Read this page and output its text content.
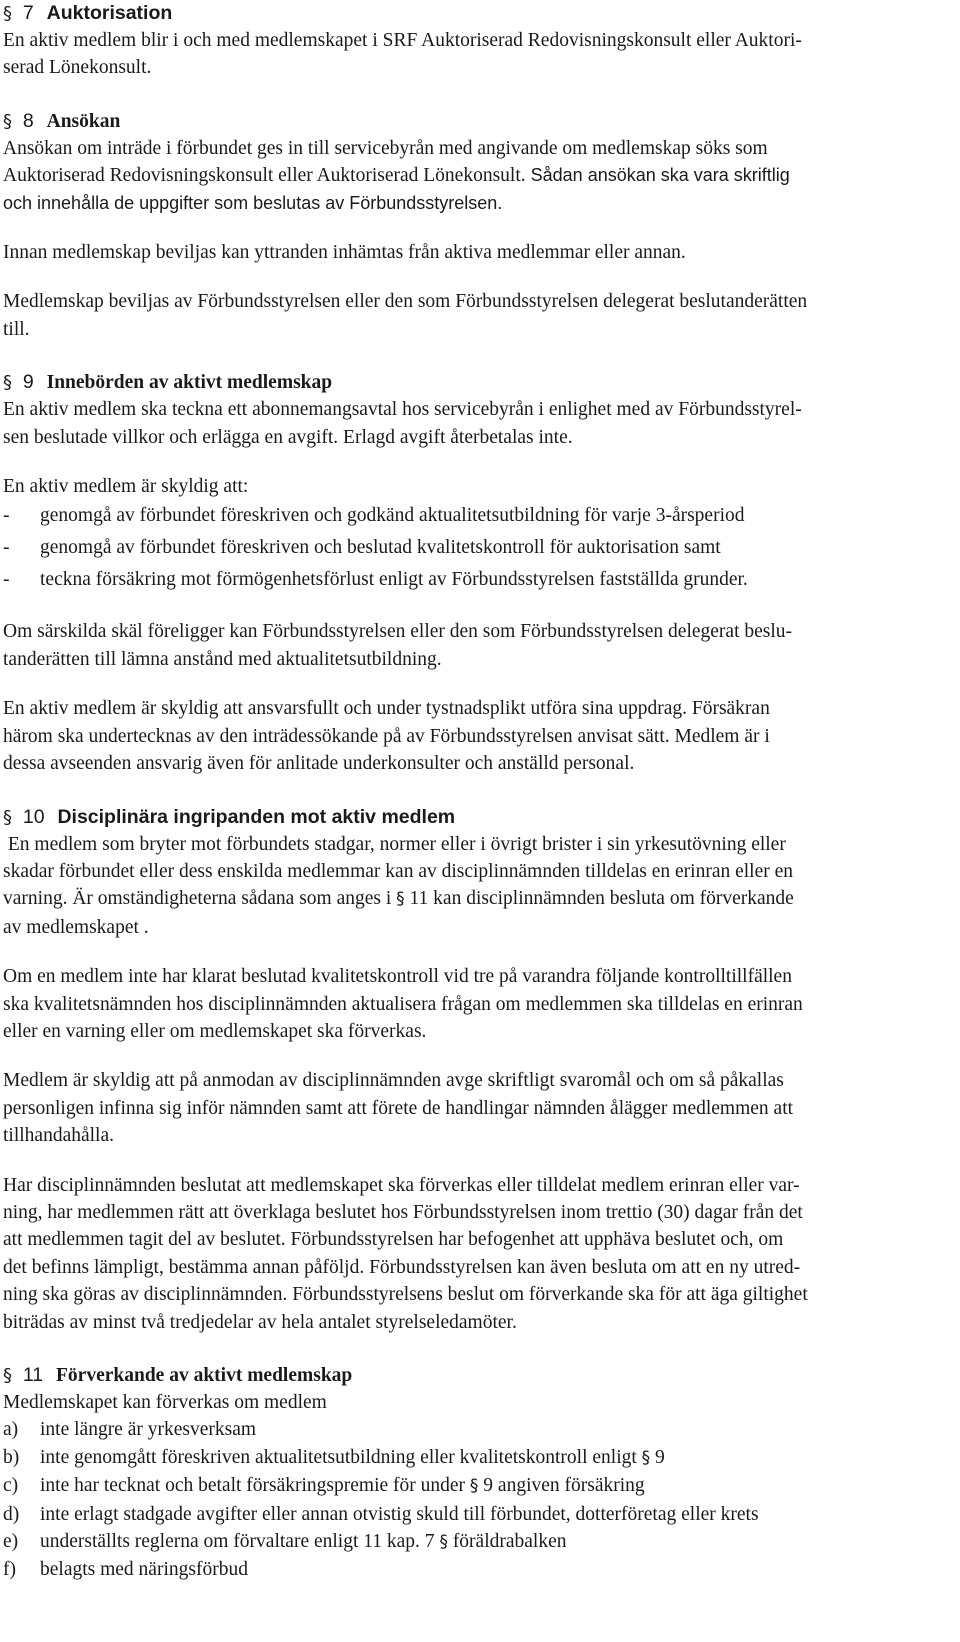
§ 7 Auktorisation

En aktiv medlem blir i och med medlemskapet i SRF Auktoriserad Redovisningskonsult eller Auktori-
serad Lönekonsult.

§ 8 Ansökan

Ansökan om inträde i förbundet ges in till servicebyrån med angivande om medlemskap söks som
Auktoriserad Redovisningskonsult eller Auktoriserad Lönekonsult. Sådan ansökan ska vara skriftlig
och innehålla de uppgifter som beslutas av Förbundsstyrelsen.

Innan medlemskap beviljas kan yttranden inhämtas från aktiva medlemmar eller annan.

Medlemskap beviljas av Förbundsstyrelsen eller den som Förbundsstyrelsen delegerat beslutanderätten
till.

§ 9 Innebörden av aktivt medlemskap

En aktiv medlem ska teckna ett abonnemangsavtal hos servicebyrån i enlighet med av Förbundsstyrel-
sen beslutade villkor och erlägga en avgift. Erlagd avgift återbetalas inte.

En aktiv medlem är skyldig att:

-	genomgå av förbundet föreskriven och godkänd aktualitetsutbildning för varje 3-årsperiod
-	genomgå av förbundet föreskriven och beslutad kvalitetskontroll för auktorisation samt
-	teckna försäkring mot förmögenhetsförlust enligt av Förbundsstyrelsen fastställda grunder.

Om särskilda skäl föreligger kan Förbundsstyrelsen eller den som Förbundsstyrelsen delegerat beslu-
tanderätten till lämna anstånd med aktualitetsutbildning.

En aktiv medlem är skyldig att ansvarsfullt och under tystnadsplikt utföra sina uppdrag. Försäkran
härom ska undertecknas av den inträdessökande på av Förbundsstyrelsen anvisat sätt. Medlem är i
dessa avseenden ansvarig även för anlitade underkonsulter och anställd personal.

§ 10 Disciplinära ingripanden mot aktiv medlem

En medlem som bryter mot förbundets stadgar, normer eller i övrigt brister i sin yrkesutövning eller
skadar förbundet eller dess enskilda medlemmar kan av disciplinnämnden tilldelas en erinran eller en
varning. Är omständigheterna sådana som anges i § 11 kan disciplinnämnden besluta om förverkande
av medlemskapet .

Om en medlem inte har klarat beslutad kvalitetskontroll vid tre på varandra följande kontrolltillfällen
ska kvalitetsnämnden hos disciplinnämnden aktualisera frågan om medlemmen ska tilldelas en erinran
eller en varning eller om medlemskapet ska förverkas.

Medlem är skyldig att på anmodan av disciplinnämnden avge skriftligt svaromål och om så påkallas
personligen infinna sig inför nämnden samt att förete de handlingar nämnden ålägger medlemmen att
tillhandahålla.

Har disciplinnämnden beslutat att medlemskapet ska förverkas eller tilldelat medlem erinran eller var-
ning, har medlemmen rätt att överklaga beslutet hos Förbundsstyrelsen inom trettio (30) dagar från det
att medlemmen tagit del av beslutet. Förbundsstyrelsen har befogenhet att upphäva beslutet och, om
det befinns lämpligt, bestämma annan påföljd. Förbundsstyrelsen kan även besluta om att en ny utred-
ning ska göras av disciplinnämnden. Förbundsstyrelsens beslut om förverkande ska för att äga giltighet
biträdas av minst två tredjedelar av hela antalet styrelseledamöter.

§ 11 Förverkande av aktivt medlemskap

Medlemskapet kan förverkas om medlem

a)	inte längre är yrkesverksam
b)	inte genomgått föreskriven aktualitetsutbildning eller kvalitetskontroll enligt § 9
c)	inte har tecknat och betalt försäkringspremie för under § 9 angiven försäkring
d)	inte erlagt stadgade avgifter eller annan otvistig skuld till förbundet, dotterföretag eller krets
e)	underställts reglerna om förvaltare enligt 11 kap. 7 § föräldrabalken
f)	belagts med näringsförbud
